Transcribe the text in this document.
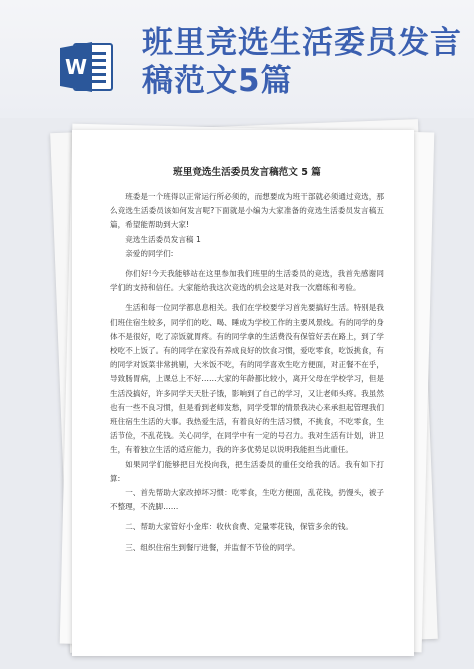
W
班里竞选生活委员发言稿范文5篇
班里竞选生活委员发言稿范文 5 篇
班委是一个班得以正常运行所必须的，而想要成为班干部就必须通过竞选，那么竞选生活委员该如何发言呢?下面就是小编为大家准备的竞选生活委员发言稿五篇，希望能帮助到大家!
竞选生活委员发言稿 1
亲爱的同学们:
你们好!今天我能够站在这里参加我们班里的生活委员的竞选，我首先感谢同学们的支持和信任。大家能给我这次竞选的机会这是对我一次磨练和考验。
生活和每一位同学都息息相关。我们在学校要学习首先要搞好生活。特别是我们班住宿生较多，同学们的吃、喝、睡成为学校工作的主要风景线。有的同学的身体不是很好，吃了凉饭就胃疼。有的同学拿的生活费没有保管好丢在路上，到了学校吃不上饭了。有的同学在家没有养成良好的饮食习惯，爱吃零食，吃饭挑食，有的同学对饭菜非常挑剔，大米饭不吃，有的同学喜欢生吃方便面，对正餐不在乎，导致肠胃病，上课总上不好……大家的年龄都比较小，离开父母在学校学习，但是生活没搞好，许多同学天天肚子饿，影响到了自己的学习，又让老师头疼。我虽然也有一些不良习惯，但是看到老师发愁，同学受罪的情景我决心来承担起管理我们班住宿生生活的大事。我热爱生活，有着良好的生活习惯，不挑食，不吃零食，生活节俭，不乱花钱。关心同学，在同学中有一定的号召力。我对生活有计划，讲卫生，有着独立生活的适应能力，我的许多优势足以说明我能担当此重任。
如果同学们能够把目光投向我，把生活委员的重任交给我的话。我有如下打算:
一、首先帮助大家改掉坏习惯：吃零食，生吃方便面，乱花钱，扔馒头，被子不整理，不洗脚……
二、帮助大家管好小金库：收伙食费、定量零花钱，保管多余的钱。
三、组织住宿生到餐厅进餐，并监督不节俭的同学。
